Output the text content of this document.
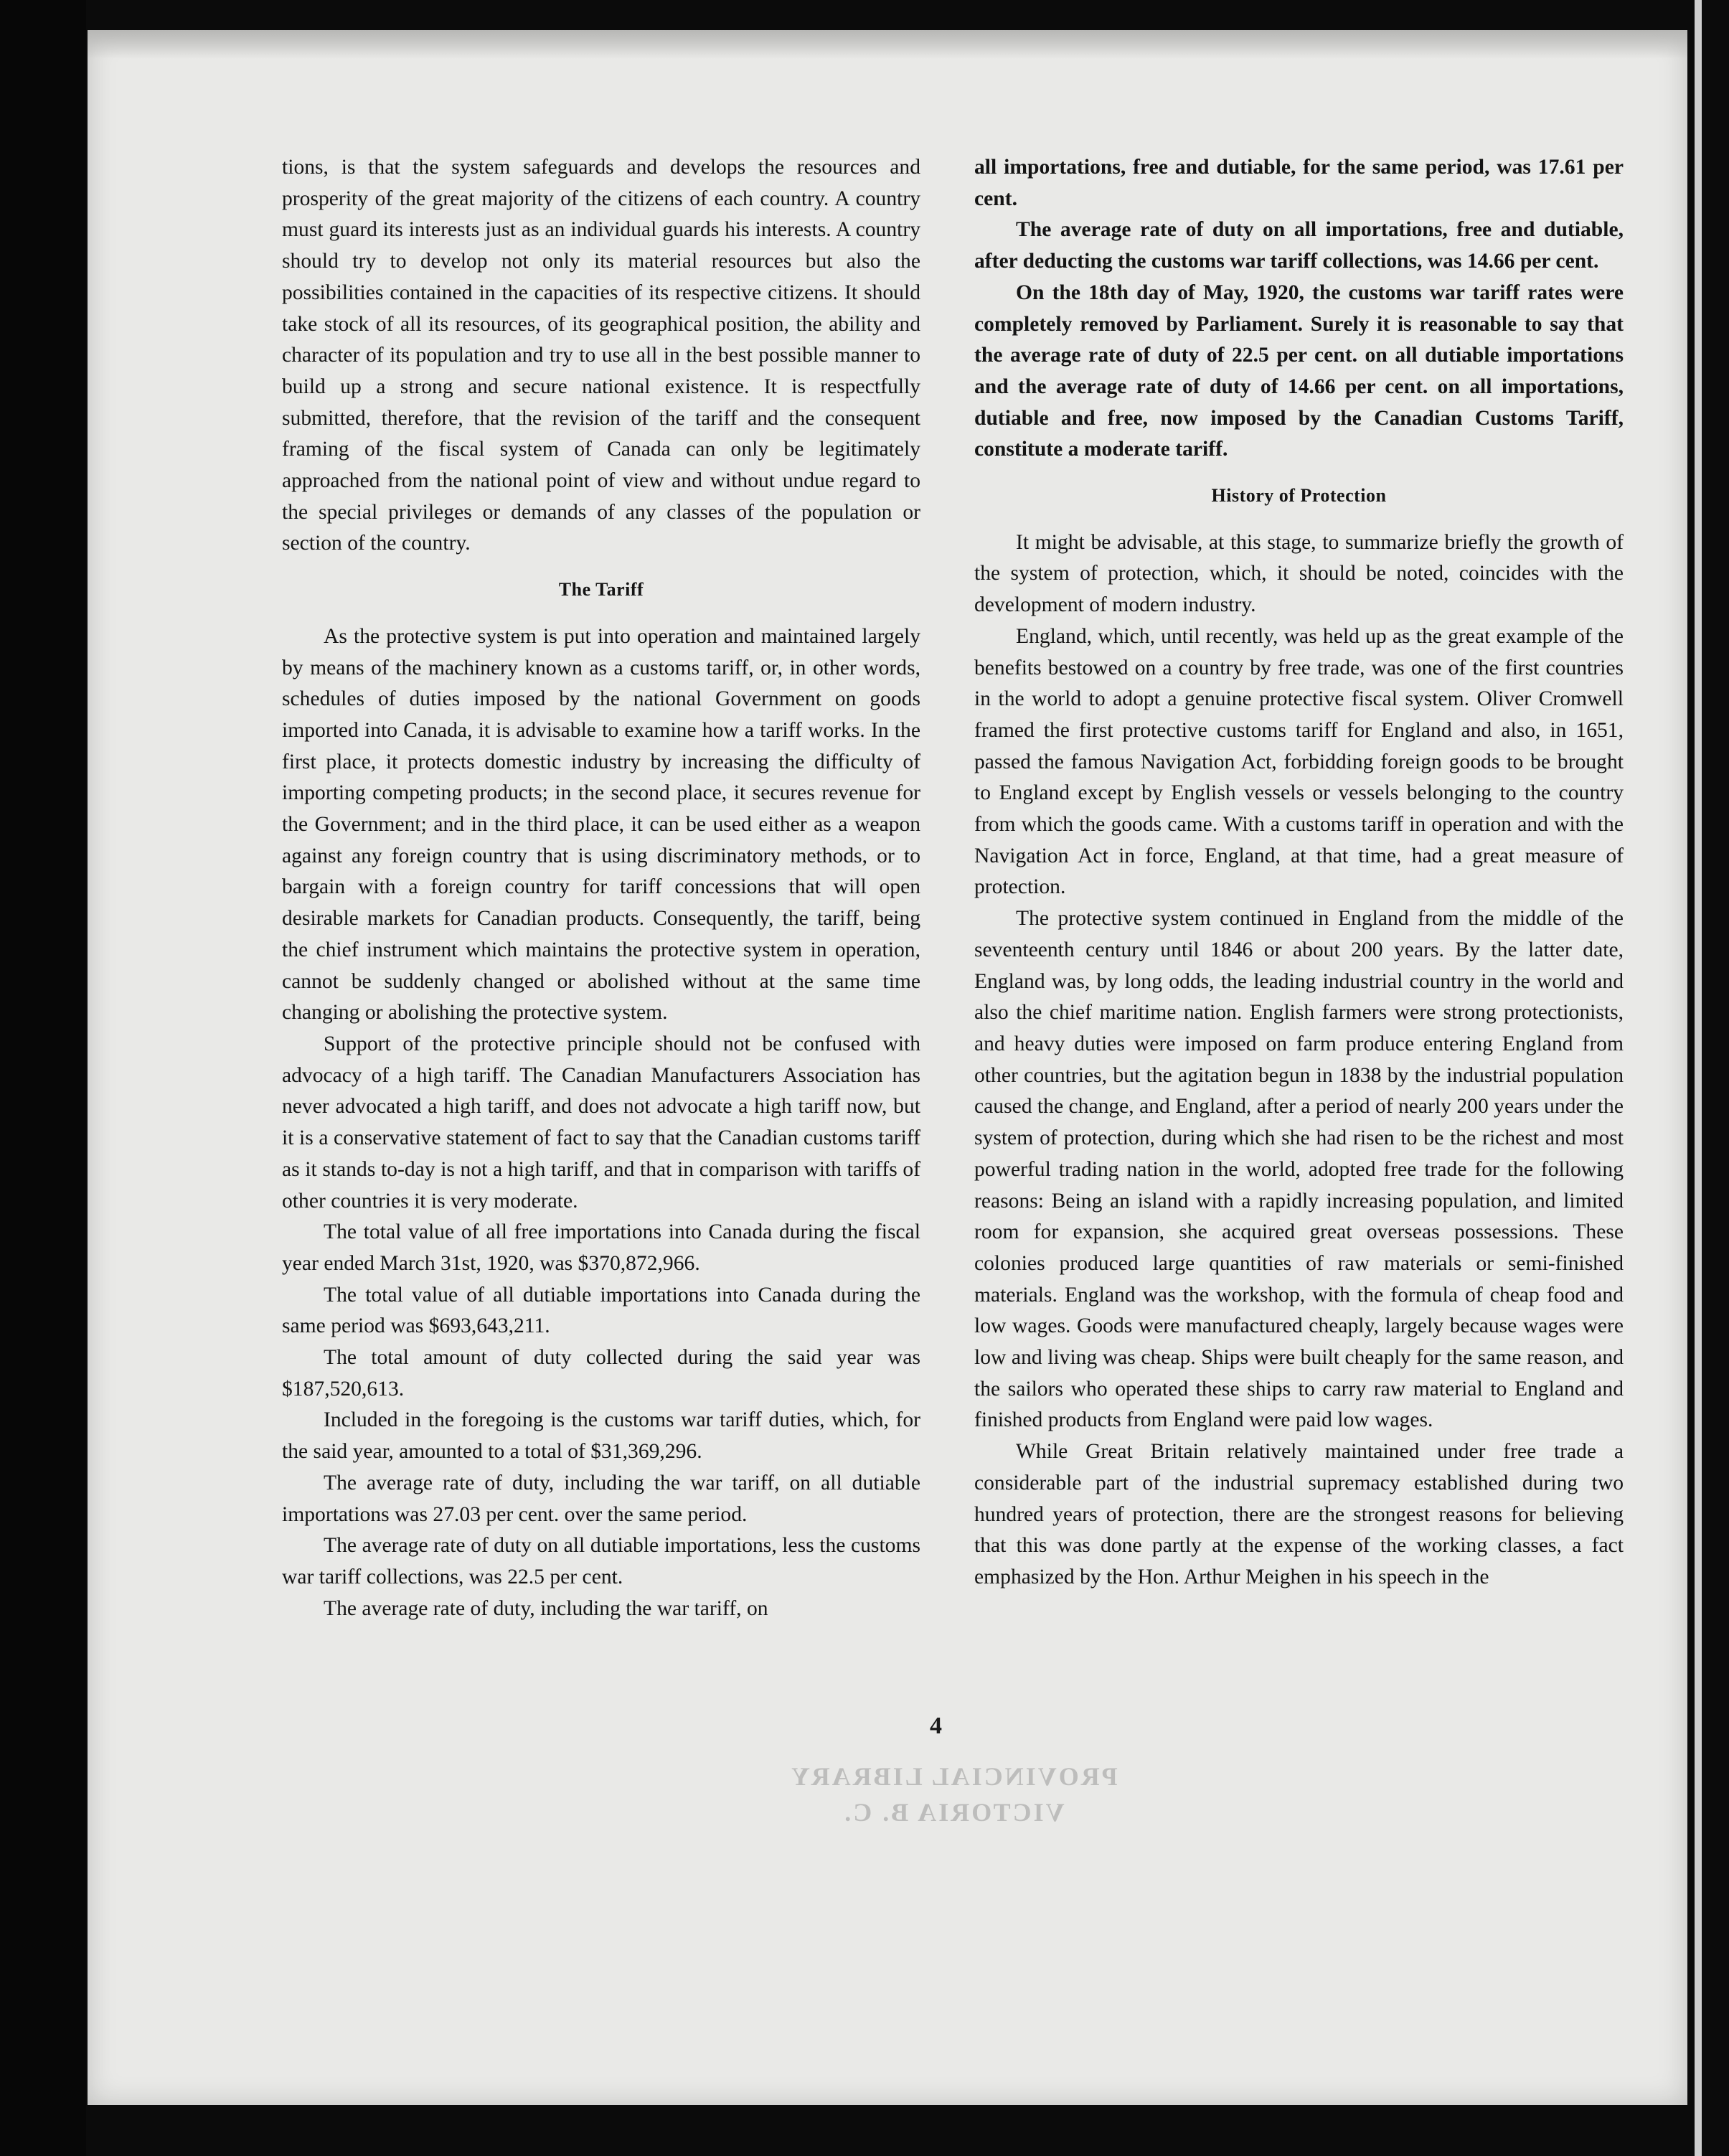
tions, is that the system safeguards and develops the resources and prosperity of the great majority of the citizens of each country. A country must guard its interests just as an individual guards his interests. A country should try to develop not only its material resources but also the possibilities contained in the capacities of its respective citizens. It should take stock of all its resources, of its geographical position, the ability and character of its population and try to use all in the best possible manner to build up a strong and secure national existence. It is respectfully submitted, therefore, that the revision of the tariff and the consequent framing of the fiscal system of Canada can only be legitimately approached from the national point of view and without undue regard to the special privileges or demands of any classes of the population or section of the country.

The Tariff

As the protective system is put into operation and maintained largely by means of the machinery known as a customs tariff, or, in other words, schedules of duties imposed by the national Government on goods imported into Canada, it is advisable to examine how a tariff works. In the first place, it protects domestic industry by increasing the difficulty of importing competing products; in the second place, it secures revenue for the Government; and in the third place, it can be used either as a weapon against any foreign country that is using discriminatory methods, or to bargain with a foreign country for tariff concessions that will open desirable markets for Canadian products. Consequently, the tariff, being the chief instrument which maintains the protective system in operation, cannot be suddenly changed or abolished without at the same time changing or abolishing the protective system.

Support of the protective principle should not be confused with advocacy of a high tariff. The Canadian Manufacturers Association has never advocated a high tariff, and does not advocate a high tariff now, but it is a conservative statement of fact to say that the Canadian customs tariff as it stands to-day is not a high tariff, and that in comparison with tariffs of other countries it is very moderate.

The total value of all free importations into Canada during the fiscal year ended March 31st, 1920, was $370,872,966.

The total value of all dutiable importations into Canada during the same period was $693,643,211.

The total amount of duty collected during the said year was $187,520,613.

Included in the foregoing is the customs war tariff duties, which, for the said year, amounted to a total of $31,369,296.

The average rate of duty, including the war tariff, on all dutiable importations was 27.03 per cent. over the same period.

The average rate of duty on all dutiable importations, less the customs war tariff collections, was 22.5 per cent.

The average rate of duty, including the war tariff, on

all importations, free and dutiable, for the same period, was 17.61 per cent.

The average rate of duty on all importations, free and dutiable, after deducting the customs war tariff collections, was 14.66 per cent.

On the 18th day of May, 1920, the customs war tariff rates were completely removed by Parliament. Surely it is reasonable to say that the average rate of duty of 22.5 per cent. on all dutiable importations and the average rate of duty of 14.66 per cent. on all importations, dutiable and free, now imposed by the Canadian Customs Tariff, constitute a moderate tariff.

History of Protection

It might be advisable, at this stage, to summarize briefly the growth of the system of protection, which, it should be noted, coincides with the development of modern industry.

England, which, until recently, was held up as the great example of the benefits bestowed on a country by free trade, was one of the first countries in the world to adopt a genuine protective fiscal system. Oliver Cromwell framed the first protective customs tariff for England and also, in 1651, passed the famous Navigation Act, forbidding foreign goods to be brought to England except by English vessels or vessels belonging to the country from which the goods came. With a customs tariff in operation and with the Navigation Act in force, England, at that time, had a great measure of protection.

The protective system continued in England from the middle of the seventeenth century until 1846 or about 200 years. By the latter date, England was, by long odds, the leading industrial country in the world and also the chief maritime nation. English farmers were strong protectionists, and heavy duties were imposed on farm produce entering England from other countries, but the agitation begun in 1838 by the industrial population caused the change, and England, after a period of nearly 200 years under the system of protection, during which she had risen to be the richest and most powerful trading nation in the world, adopted free trade for the following reasons: Being an island with a rapidly increasing population, and limited room for expansion, she acquired great overseas possessions. These colonies produced large quantities of raw materials or semi-finished materials. England was the workshop, with the formula of cheap food and low wages. Goods were manufactured cheaply, largely because wages were low and living was cheap. Ships were built cheaply for the same reason, and the sailors who operated these ships to carry raw material to England and finished products from England were paid low wages.

While Great Britain relatively maintained under free trade a considerable part of the industrial supremacy established during two hundred years of protection, there are the strongest reasons for believing that this was done partly at the expense of the working classes, a fact emphasized by the Hon. Arthur Meighen in his speech in the

4
PROVINCIAL LIBRARY
VICTORIA B. C.
